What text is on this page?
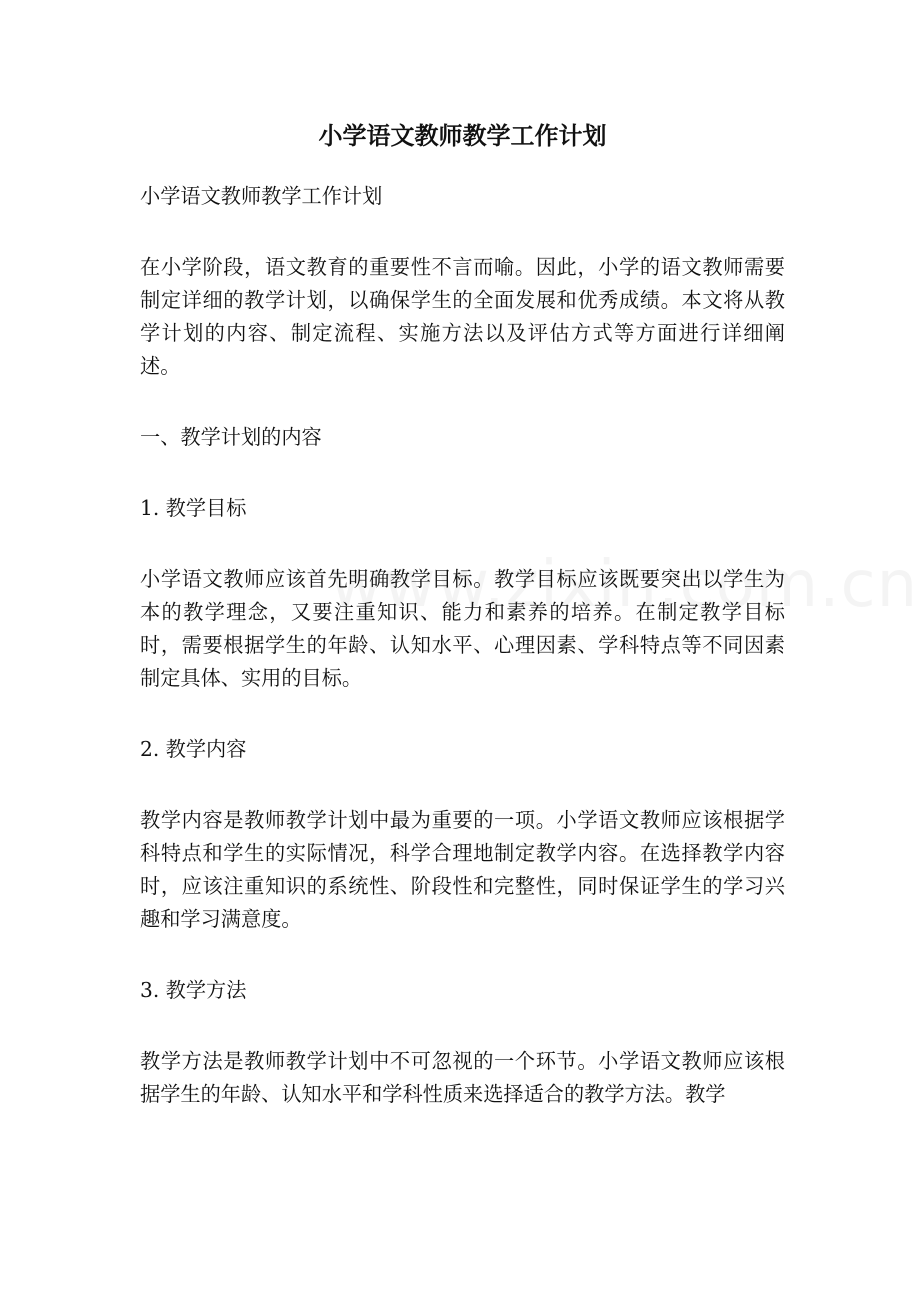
小学语文教师教学工作计划

小学语文教师教学工作计划

在小学阶段，语文教育的重要性不言而喻。因此，小学的语文教师需要制定详细的教学计划，以确保学生的全面发展和优秀成绩。本文将从教学计划的内容、制定流程、实施方法以及评估方式等方面进行详细阐述。

一、教学计划的内容

1. 教学目标

小学语文教师应该首先明确教学目标。教学目标应该既要突出以学生为本的教学理念，又要注重知识、能力和素养的培养。在制定教学目标时，需要根据学生的年龄、认知水平、心理因素、学科特点等不同因素制定具体、实用的目标。

2. 教学内容

教学内容是教师教学计划中最为重要的一项。小学语文教师应该根据学科特点和学生的实际情况，科学合理地制定教学内容。在选择教学内容时，应该注重知识的系统性、阶段性和完整性，同时保证学生的学习兴趣和学习满意度。

3. 教学方法

教学方法是教师教学计划中不可忽视的一个环节。小学语文教师应该根据学生的年龄、认知水平和学科性质来选择适合的教学方法。教学
